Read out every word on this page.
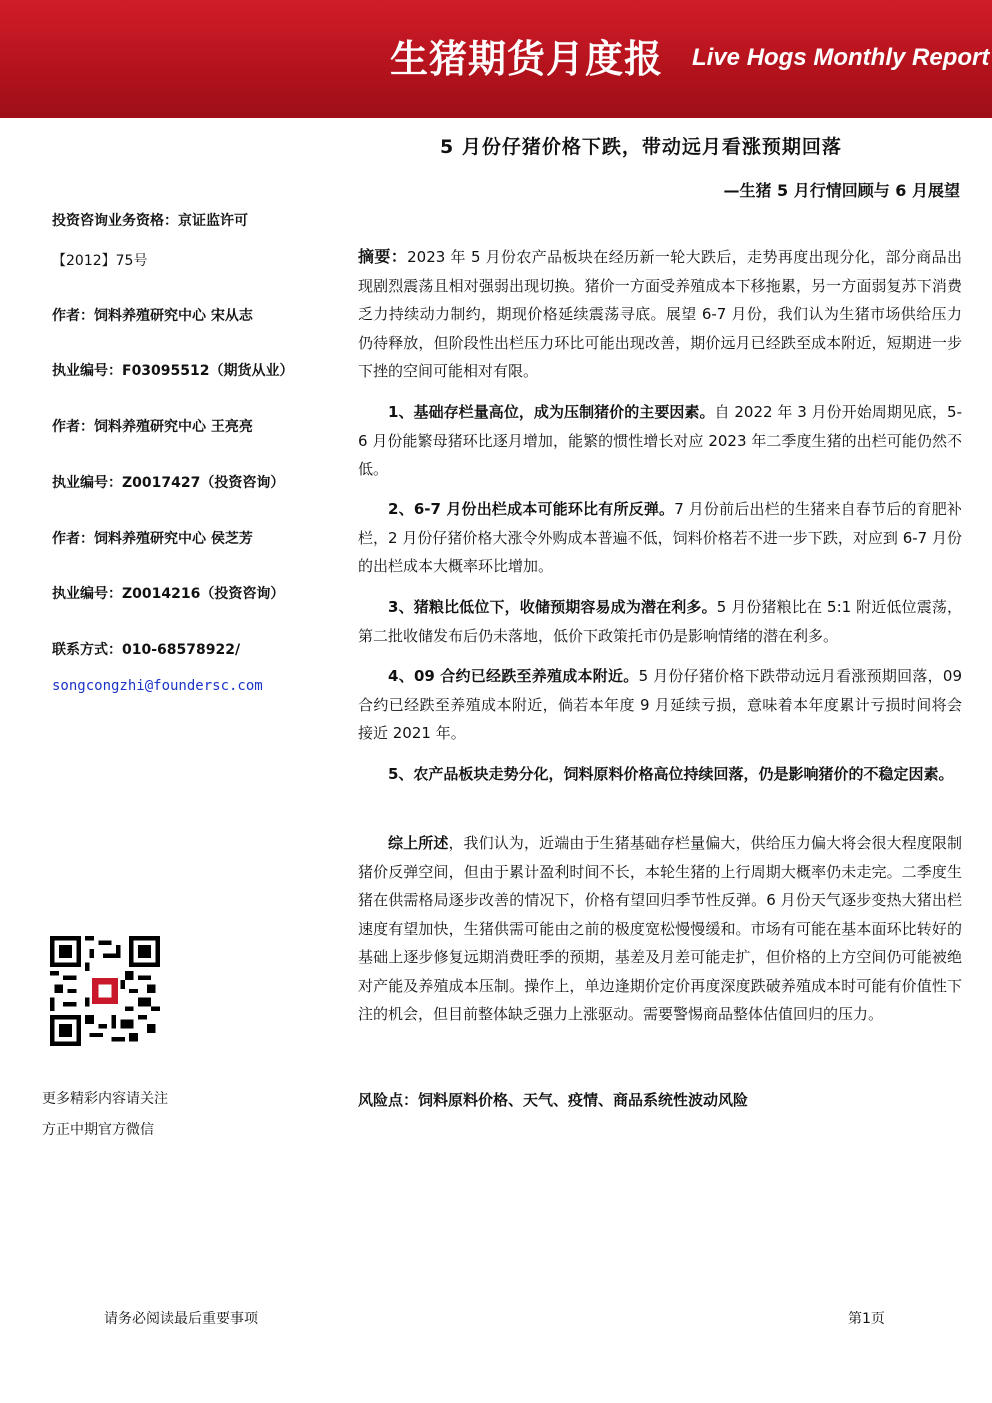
生猪期货月度报 Live Hogs Monthly Report
5 月份仔猪价格下跌，带动远月看涨预期回落
—生猪 5 月行情回顾与 6 月展望
投资咨询业务资格：京证监许可
【2012】75号
作者：饲料养殖研究中心 宋从志
执业编号：F03095512（期货从业）
作者：饲料养殖研究中心 王亮亮
执业编号：Z0017427（投资咨询）
作者：饲料养殖研究中心 侯芝芳
执业编号：Z0014216（投资咨询）
联系方式：010-68578922/
songcongzhi@foundersc.com
更多精彩内容请关注
方正中期官方微信
摘要：2023 年 5 月份农产品板块在经历新一轮大跌后，走势再度出现分化，部分商品出现剧烈震荡且相对强弱出现切换。猪价一方面受养殖成本下移拖累，另一方面弱复苏下消费乏力持续动力制约，期现价格延续震荡寻底。展望 6-7 月份，我们认为生猪市场供给压力仍待释放，但阶段性出栏压力环比可能出现改善，期价远月已经跌至成本附近，短期进一步下挫的空间可能相对有限。
1、基础存栏量高位，成为压制猪价的主要因素。自 2022 年 3 月份开始周期见底，5-6 月份能繁母猪环比逐月增加，能繁的惯性增长对应 2023 年二季度生猪的出栏可能仍然不低。
2、6-7 月份出栏成本可能环比有所反弹。7 月份前后出栏的生猪来自春节后的育肥补栏，2 月份仔猪价格大涨令外购成本普遍不低，饲料价格若不进一步下跌，对应到 6-7 月份的出栏成本大概率环比增加。
3、猪粮比低位下，收储预期容易成为潜在利多。5 月份猪粮比在 5:1 附近低位震荡，第二批收储发布后仍未落地，低价下政策托市仍是影响情绪的潜在利多。
4、09 合约已经跌至养殖成本附近。5 月份仔猪价格下跌带动远月看涨预期回落，09 合约已经跌至养殖成本附近，倘若本年度 9 月延续亏损，意味着本年度累计亏损时间将会接近 2021 年。
5、农产品板块走势分化，饲料原料价格高位持续回落，仍是影响猪价的不稳定因素。
综上所述，我们认为，近端由于生猪基础存栏量偏大，供给压力偏大将会很大程度限制猪价反弹空间，但由于累计盈利时间不长，本轮生猪的上行周期大概率仍未走完。二季度生猪在供需格局逐步改善的情况下，价格有望回归季节性反弹。6 月份天气逐步变热大猪出栏速度有望加快，生猪供需可能由之前的极度宽松慢慢缓和。市场有可能在基本面环比转好的基础上逐步修复远期消费旺季的预期，基差及月差可能走扩，但价格的上方空间仍可能被绝对产能及养殖成本压制。操作上，单边逢期价定价再度深度跌破养殖成本时可能有价值性下注的机会，但目前整体缺乏强力上涨驱动。需要警惕商品整体估值回归的压力。
风险点：饲料原料价格、天气、疫情、商品系统性波动风险
请务必阅读最后重要事项	第1页
